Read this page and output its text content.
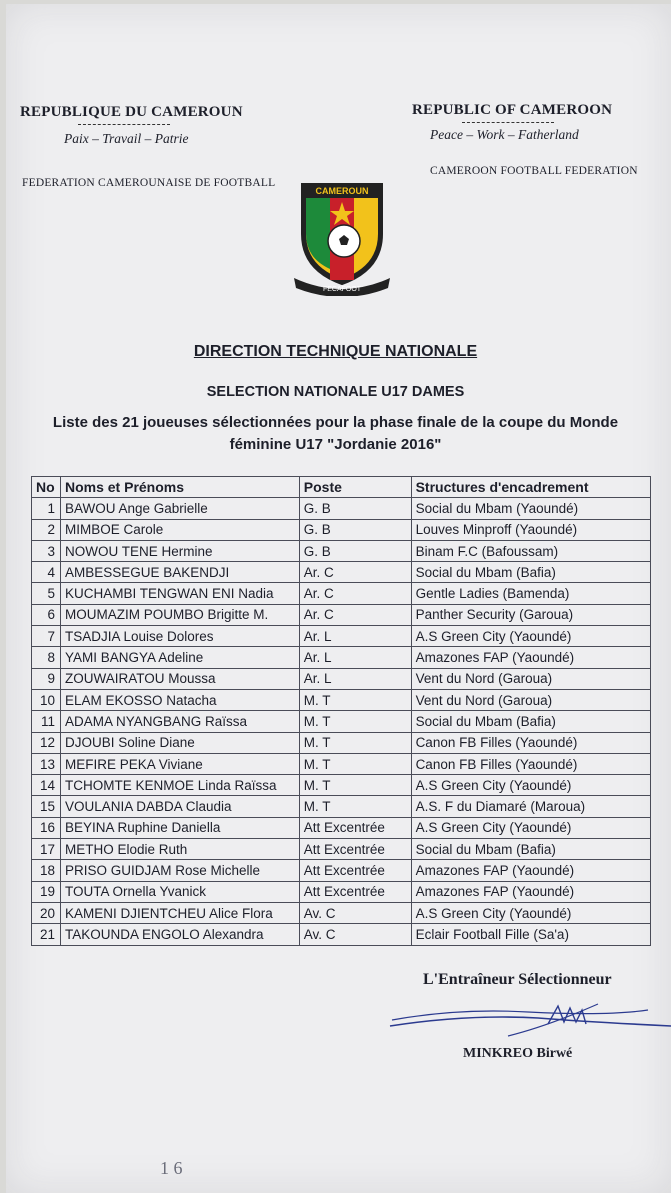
REPUBLIQUE DU CAMEROUN
Paix – Travail – Patrie
REPUBLIC OF CAMEROON
Peace – Work – Fatherland
FEDERATION CAMEROUNAISE DE FOOTBALL
CAMEROON FOOTBALL FEDERATION
CAMEROUN
FECAFOOT
DIRECTION TECHNIQUE NATIONALE
SELECTION NATIONALE U17 DAMES
Liste des 21 joueuses sélectionnées pour la phase finale de la coupe du Monde
féminine U17 "Jordanie 2016"
No	Noms et Prénoms	Poste	Structures d'encadrement
1	BAWOU Ange Gabrielle	G. B	Social du Mbam (Yaoundé)
2	MIMBOE Carole	G. B	Louves Minproff (Yaoundé)
3	NOWOU TENE Hermine	G. B	Binam F.C (Bafoussam)
4	AMBESSEGUE BAKENDJI	Ar. C	Social du Mbam (Bafia)
5	KUCHAMBI TENGWAN ENI Nadia	Ar. C	Gentle Ladies (Bamenda)
6	MOUMAZIM POUMBO Brigitte M.	Ar. C	Panther Security (Garoua)
7	TSADJIA Louise Dolores	Ar. L	A.S Green City (Yaoundé)
8	YAMI BANGYA Adeline	Ar. L	Amazones FAP (Yaoundé)
9	ZOUWAIRATOU Moussa	Ar. L	Vent du Nord (Garoua)
10	ELAM EKOSSO Natacha	M. T	Vent du Nord (Garoua)
11	ADAMA NYANGBANG Raïssa	M. T	Social du Mbam (Bafia)
12	DJOUBI Soline Diane	M. T	Canon FB Filles (Yaoundé)
13	MEFIRE PEKA Viviane	M. T	Canon FB Filles (Yaoundé)
14	TCHOMTE KENMOE Linda Raïssa	M. T	A.S Green City (Yaoundé)
15	VOULANIA DABDA Claudia	M. T	A.S. F du Diamaré (Maroua)
16	BEYINA Ruphine Daniella	Att Excentrée	A.S Green City (Yaoundé)
17	METHO Elodie Ruth	Att Excentrée	Social du Mbam (Bafia)
18	PRISO GUIDJAM Rose Michelle	Att Excentrée	Amazones FAP (Yaoundé)
19	TOUTA Ornella Yvanick	Att Excentrée	Amazones FAP (Yaoundé)
20	KAMENI DJIENTCHEU Alice Flora	Av. C	A.S Green City (Yaoundé)
21	TAKOUNDA ENGOLO Alexandra	Av. C	Eclair Football Fille (Sa'a)
L'Entraîneur Sélectionneur
MINKREO Birwé
1 6
